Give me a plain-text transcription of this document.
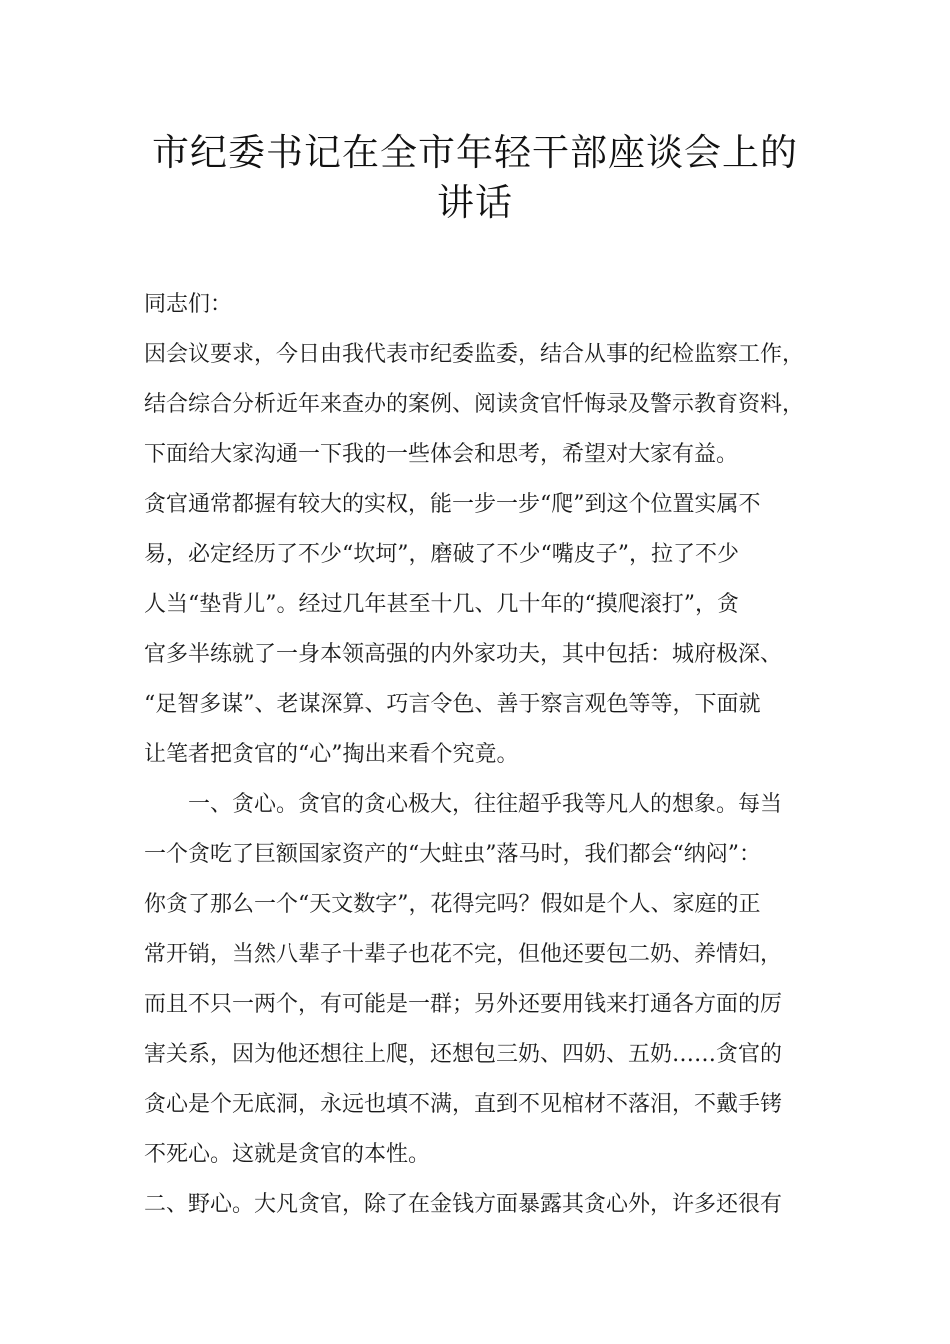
市纪委书记在全市年轻干部座谈会上的
讲话
同志们：
因会议要求，今日由我代表市纪委监委，结合从事的纪检监察工作，
结合综合分析近年来查办的案例、阅读贪官忏悔录及警示教育资料，
下面给大家沟通一下我的一些体会和思考，希望对大家有益。
贪官通常都握有较大的实权，能一步一步“爬”到这个位置实属不
易，必定经历了不少“坎坷”，磨破了不少“嘴皮子”，拉了不少
人当“垫背儿”。经过几年甚至十几、几十年的“摸爬滚打”，贪
官多半练就了一身本领高强的内外家功夫，其中包括：城府极深、
“足智多谋”、老谋深算、巧言令色、善于察言观色等等，下面就
让笔者把贪官的“心”掏出来看个究竟。
一、贪心。贪官的贪心极大，往往超乎我等凡人的想象。每当
一个贪吃了巨额国家资产的“大蛀虫”落马时，我们都会“纳闷”：
你贪了那么一个“天文数字”，花得完吗？假如是个人、家庭的正
常开销，当然八辈子十辈子也花不完，但他还要包二奶、养情妇，
而且不只一两个，有可能是一群；另外还要用钱来打通各方面的厉
害关系，因为他还想往上爬，还想包三奶、四奶、五奶……贪官的
贪心是个无底洞，永远也填不满，直到不见棺材不落泪，不戴手铐
不死心。这就是贪官的本性。
二、野心。大凡贪官，除了在金钱方面暴露其贪心外，许多还很有
